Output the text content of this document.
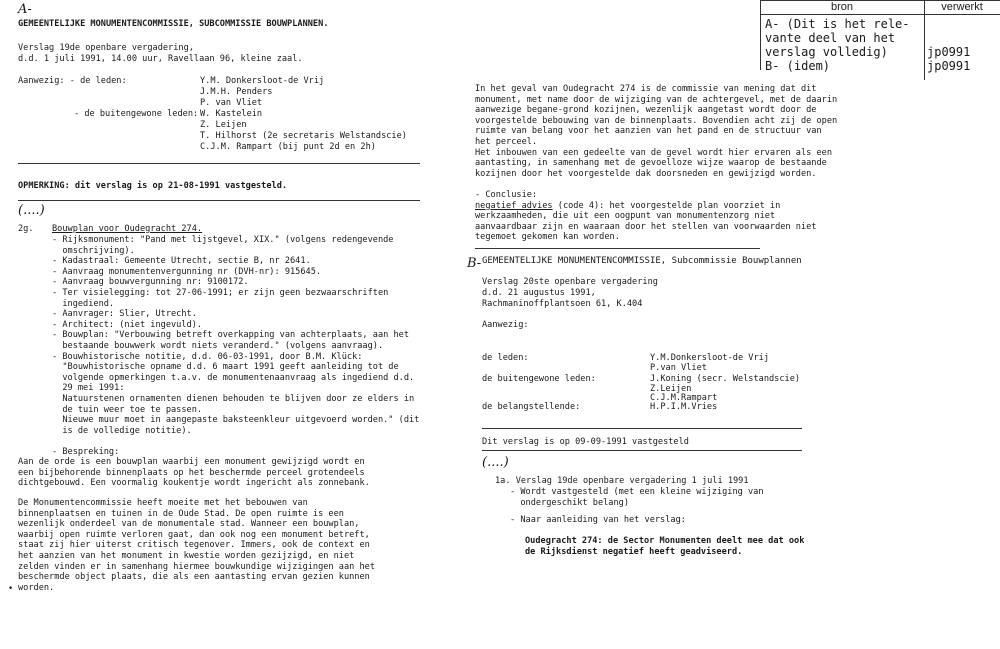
bron	verwerkt
A- (Dit is het rele-
vante deel van het
verslag volledig)
B- (idem)
jp0991
jp0991
A-
GEMEENTELIJKE MONUMENTENCOMMISSIE, SUBCOMMISSIE BOUWPLANNEN.
Verslag 19de openbare vergadering,
d.d. 1 juli 1991, 14.00 uur, Ravellaan 96, kleine zaal.
Aanwezig: - de leden:
- de buitengewone leden:
Y.M. Donkersloot-de Vrij
J.M.H. Penders
P. van Vliet
W. Kastelein
Z. Leijen
T. Hilhorst (2e secretaris Welstandscie)
C.J.M. Rampart (bij punt 2d en 2h)
OPMERKING: dit verslag is op 21-08-1991 vastgesteld.
(....)
2g. Bouwplan voor Oudegracht 274.
- Rijksmonument: "Pand met lijstgevel, XIX." (volgens redengevende
omschrijving).
- Kadastraal: Gemeente Utrecht, sectie B, nr 2641.
- Aanvraag monumentenvergunning nr (DVH-nr): 915645.
- Aanvraag bouwvergunning nr: 9100172.
- Ter visielegging: tot 27-06-1991; er zijn geen bezwaarschriften
ingediend.
- Aanvrager: Slier, Utrecht.
- Architect: (niet ingevuld).
- Bouwplan: "Verbouwing betreft overkapping van achterplaats, aan het
bestaande bouwwerk wordt niets veranderd." (volgens aanvraag).
- Bouwhistorische notitie, d.d. 06-03-1991, door B.M. Klück:
"Bouwhistorische opname d.d. 6 maart 1991 geeft aanleiding tot de
volgende opmerkingen t.a.v. de monumentenaanvraag als ingediend d.d.
29 mei 1991:
Natuurstenen ornamenten dienen behouden te blijven door ze elders in
de tuin weer toe te passen.
Nieuwe muur moet in aangepaste baksteenkleur uitgevoerd worden." (dit
is de volledige notitie).
- Bespreking:
Aan de orde is een bouwplan waarbij een monument gewijzigd wordt en
een bijbehorende binnenplaats op het beschermde perceel grotendeels
dichtgebouwd. Een voormalig koukentje wordt ingericht als zonnebank.
De Monumentencommissie heeft moeite met het bebouwen van
binnenplaatsen en tuinen in de Oude Stad. De open ruimte is een
wezenlijk onderdeel van de monumentale stad. Wanneer een bouwplan,
waarbij open ruimte verloren gaat, dan ook nog een monument betreft,
staat zij hier uiterst critisch tegenover. Immers, ook de context en
het aanzien van het monument in kwestie worden gezijzigd, en niet
zelden vinden er in samenhang hiermee bouwkundige wijzigingen aan het
beschermde object plaats, die als een aantasting ervan gezien kunnen
worden.
•
In het geval van Oudegracht 274 is de commissie van mening dat dit
monument, met name door de wijziging van de achtergevel, met de daarin
aanwezige begane-grond kozijnen, wezenlijk aangetast wordt door de
voorgestelde bebouwing van de binnenplaats. Bovendien acht zij de open
ruimte van belang voor het aanzien van het pand en de structuur van
het perceel.
Het inbouwen van een gedeelte van de gevel wordt hier ervaren als een
aantasting, in samenhang met de gevoelloze wijze waarop de bestaande
kozijnen door het voorgestelde dak doorsneden en gewijzigd worden.
- Conclusie:
negatief advies (code 4): het voorgestelde plan voorziet in
werkzaamheden, die uit een oogpunt van monumentenzorg niet
aanvaardbaar zijn en waaraan door het stellen van voorwaarden niet
tegemoet gekomen kan worden.
B- GEMEENTELIJKE MONUMENTENCOMMISSIE, Subcommissie Bouwplannen
Verslag 20ste openbare vergadering
d.d. 21 augustus 1991,
Rachmaninoffplantsoen 61, K.404
Aanwezig:
de leden:
de buitengewone leden:
de belangstellende:
Y.M.Donkersloot-de Vrij
P.van Vliet
J.Koning (secr. Welstandscie)
Z.Leijen
C.J.M.Rampart
H.P.I.M.Vries
Dit verslag is op 09-09-1991 vastgesteld
(....)
1a. Verslag 19de openbare vergadering 1 juli 1991
- Wordt vastgesteld (met een kleine wijziging van
ondergeschikt belang)
- Naar aanleiding van het verslag:
Oudegracht 274: de Sector Monumenten deelt mee dat ook
de Rijksdienst negatief heeft geadviseerd.
